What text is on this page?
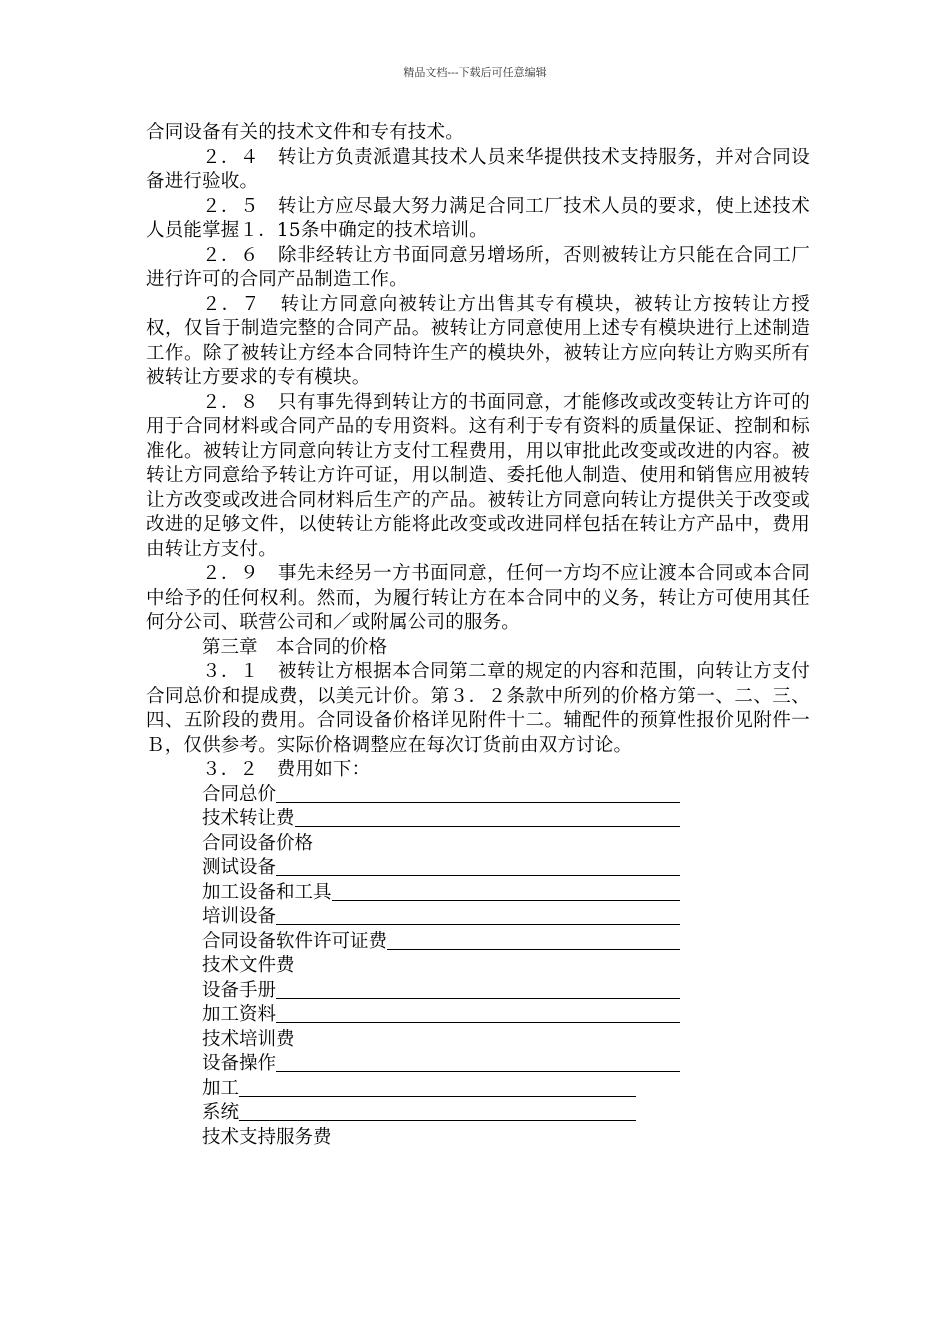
精品文档---下载后可任意编辑

合同设备有关的技术文件和专有技术。

２．４　转让方负责派遣其技术人员来华提供技术支持服务，并对合同设备进行验收。

２．５　转让方应尽最大努力满足合同工厂技术人员的要求，使上述技术人员能掌握１．15条中确定的技术培训。

２．６　除非经转让方书面同意另增场所，否则被转让方只能在合同工厂进行许可的合同产品制造工作。

２．７　转让方同意向被转让方出售其专有模块，被转让方按转让方授权，仅旨于制造完整的合同产品。被转让方同意使用上述专有模块进行上述制造工作。除了被转让方经本合同特许生产的模块外，被转让方应向转让方购买所有被转让方要求的专有模块。

２．８　只有事先得到转让方的书面同意，才能修改或改变转让方许可的用于合同材料或合同产品的专用资料。这有利于专有资料的质量保证、控制和标准化。被转让方同意向转让方支付工程费用，用以审批此改变或改进的内容。被转让方同意给予转让方许可证，用以制造、委托他人制造、使用和销售应用被转让方改变或改进合同材料后生产的产品。被转让方同意向转让方提供关于改变或改进的足够文件，以使转让方能将此改变或改进同样包括在转让方产品中，费用由转让方支付。

２．９　事先未经另一方书面同意，任何一方均不应让渡本合同或本合同中给予的任何权利。然而，为履行转让方在本合同中的义务，转让方可使用其任何分公司、联营公司和／或附属公司的服务。

第三章　本合同的价格

３．１　被转让方根据本合同第二章的规定的内容和范围，向转让方支付合同总价和提成费，以美元计价。第３．２条款中所列的价格方第一、二、三、四、五阶段的费用。合同设备价格详见附件十二。辅配件的预算性报价见附件一Ｂ，仅供参考。实际价格调整应在每次订货前由双方讨论。

３．２　费用如下：

合同总价
技术转让费
合同设备价格
测试设备
加工设备和工具
培训设备
合同设备软件许可证费
技术文件费
设备手册
加工资料
技术培训费
设备操作
加工
系统
技术支持服务费
